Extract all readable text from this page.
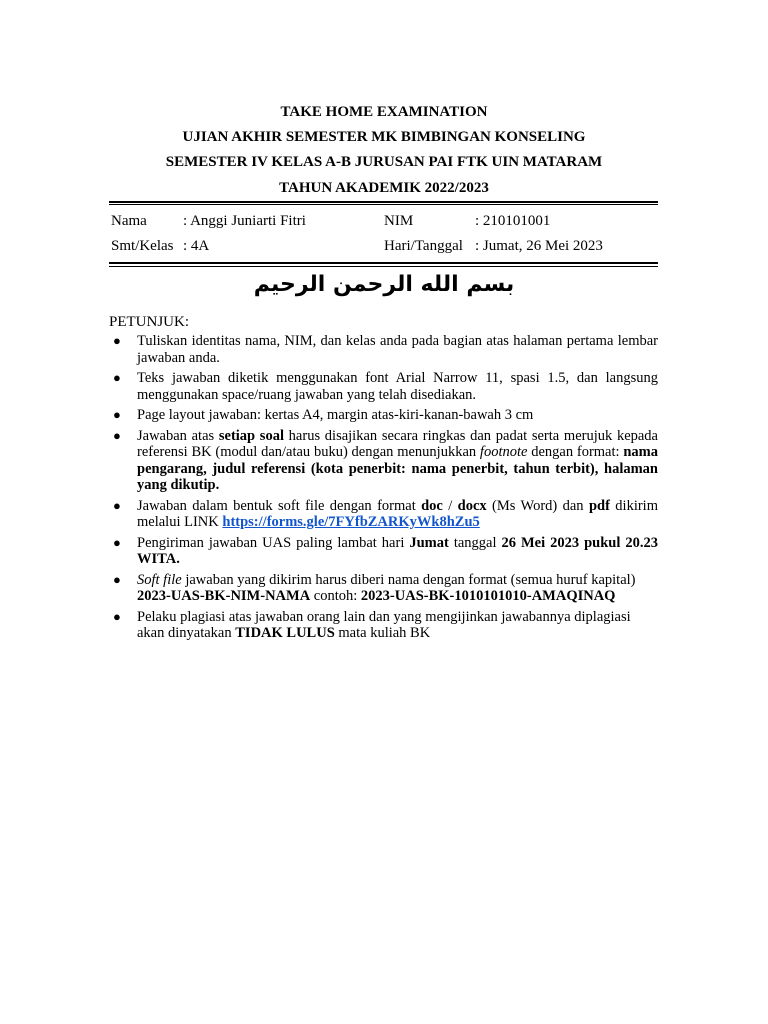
TAKE HOME EXAMINATION
UJIAN AKHIR SEMESTER MK BIMBINGAN KONSELING
SEMESTER IV KELAS A-B JURUSAN PAI FTK UIN MATARAM
TAHUN AKADEMIK 2022/2023
Nama : Anggi Juniarti Fitri	NIM	: 210101001
Smt/Kelas : 4A	Hari/Tanggal : Jumat, 26 Mei 2023
بسم الله الرحمن الرحيم
PETUNJUK:
● Tuliskan identitas nama, NIM, dan kelas anda pada bagian atas halaman pertama lembar jawaban anda.
● Teks jawaban diketik menggunakan font Arial Narrow 11, spasi 1.5, dan langsung menggunakan space/ruang jawaban yang telah disediakan.
● Page layout jawaban: kertas A4, margin atas-kiri-kanan-bawah 3 cm
● Jawaban atas setiap soal harus disajikan secara ringkas dan padat serta merujuk kepada referensi BK (modul dan/atau buku) dengan menunjukkan footnote dengan format: nama pengarang, judul referensi (kota penerbit: nama penerbit, tahun terbit), halaman yang dikutip.
● Jawaban dalam bentuk soft file dengan format doc / docx (Ms Word) dan pdf dikirim melalui LINK https://forms.gle/7FYfbZARKyWk8hZu5
● Pengiriman jawaban UAS paling lambat hari Jumat tanggal 26 Mei 2023 pukul 20.23 WITA.
● Soft file jawaban yang dikirim harus diberi nama dengan format (semua huruf kapital)
2023-UAS-BK-NIM-NAMA contoh: 2023-UAS-BK-1010101010-AMAQINAQ
● Pelaku plagiasi atas jawaban orang lain dan yang mengijinkan jawabannya diplagiasi akan dinyatakan TIDAK LULUS mata kuliah BK
